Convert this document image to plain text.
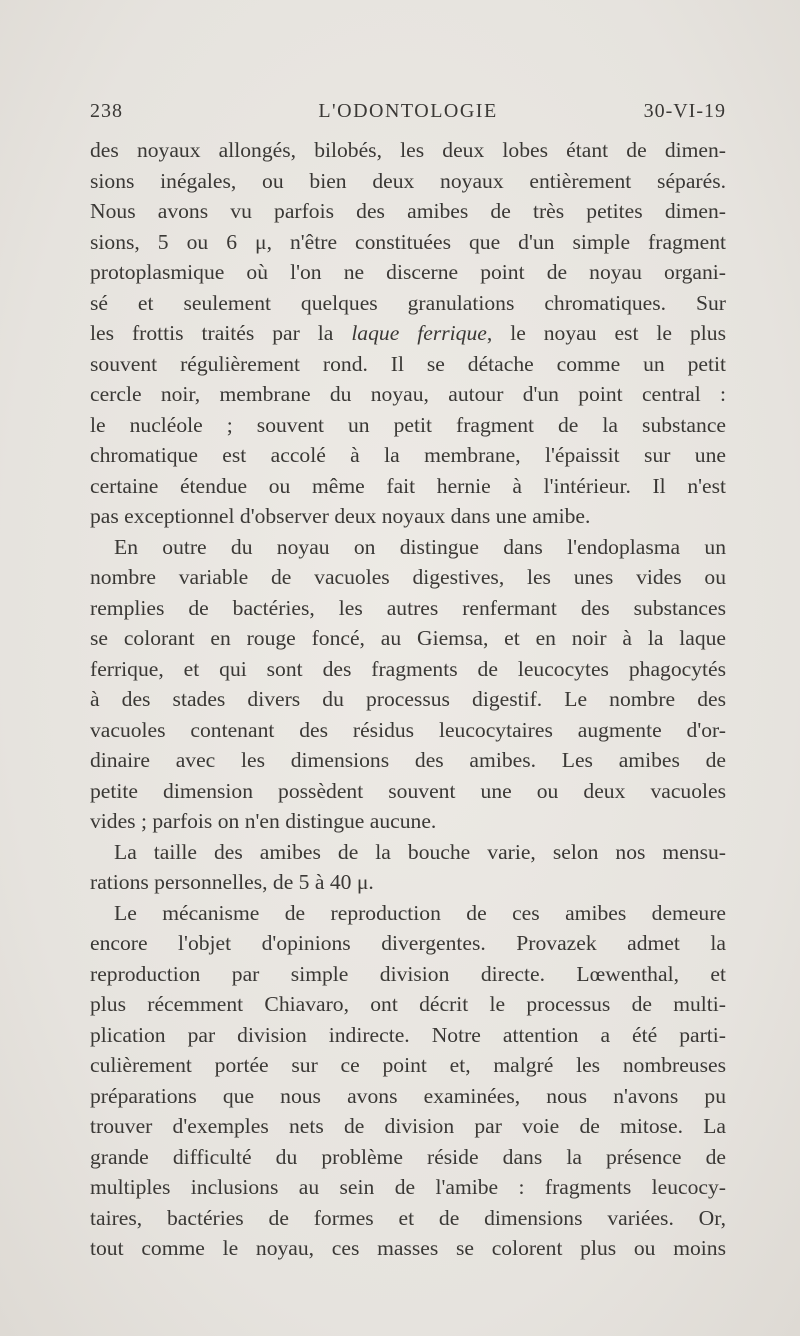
238	L'ODONTOLOGIE	30-VI-19
des noyaux allongés, bilobés, les deux lobes étant de dimen-
sions inégales, ou bien deux noyaux entièrement séparés.
Nous avons vu parfois des amibes de très petites dimen-
sions, 5 ou 6 μ, n'être constituées que d'un simple fragment
protoplasmique où l'on ne discerne point de noyau organi-
sé et seulement quelques granulations chromatiques. Sur
les frottis traités par la laque ferrique, le noyau est le plus
souvent régulièrement rond. Il se détache comme un petit
cercle noir, membrane du noyau, autour d'un point central :
le nucléole ; souvent un petit fragment de la substance
chromatique est accolé à la membrane, l'épaissit sur une
certaine étendue ou même fait hernie à l'intérieur. Il n'est
pas exceptionnel d'observer deux noyaux dans une amibe.
En outre du noyau on distingue dans l'endoplasma un
nombre variable de vacuoles digestives, les unes vides ou
remplies de bactéries, les autres renfermant des substances
se colorant en rouge foncé, au Giemsa, et en noir à la laque
ferrique, et qui sont des fragments de leucocytes phagocytés
à des stades divers du processus digestif. Le nombre des
vacuoles contenant des résidus leucocytaires augmente d'or-
dinaire avec les dimensions des amibes. Les amibes de
petite dimension possèdent souvent une ou deux vacuoles
vides ; parfois on n'en distingue aucune.
La taille des amibes de la bouche varie, selon nos mensu-
rations personnelles, de 5 à 40 μ.
Le mécanisme de reproduction de ces amibes demeure
encore l'objet d'opinions divergentes. Provazek admet la
reproduction par simple division directe. Lœwenthal, et
plus récemment Chiavaro, ont décrit le processus de multi-
plication par division indirecte. Notre attention a été parti-
culièrement portée sur ce point et, malgré les nombreuses
préparations que nous avons examinées, nous n'avons pu
trouver d'exemples nets de division par voie de mitose. La
grande difficulté du problème réside dans la présence de
multiples inclusions au sein de l'amibe : fragments leucocy-
taires, bactéries de formes et de dimensions variées. Or,
tout comme le noyau, ces masses se colorent plus ou moins
